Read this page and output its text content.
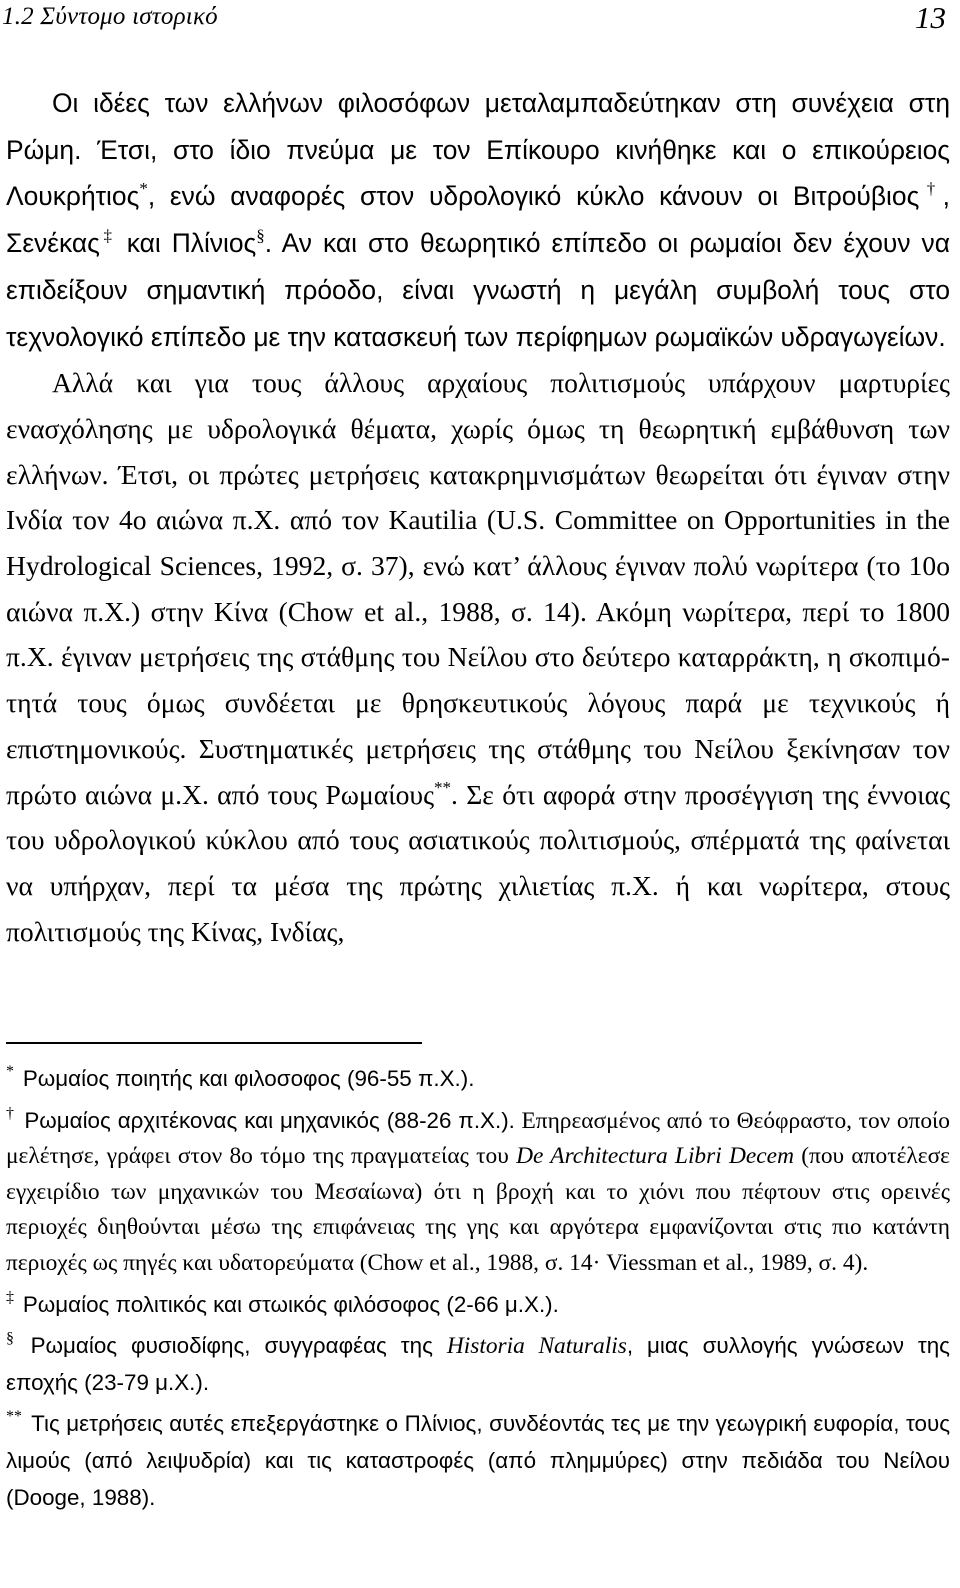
1.2 Σύντομο ιστορικό	13

Οι ιδέες των ελλήνων φιλοσόφων μεταλαμπαδεύτηκαν στη συνέχεια στη Ρώμη. Έτσι, στο ίδιο πνεύμα με τον Επίκουρο κινήθηκε και ο επικούρειος Λουκρήτιος*, ενώ αναφορές στον υδρολογικό κύκλο κάνουν οι Βιτρούβιος†, Σενέκας‡ και Πλίνιος§. Αν και στο θεωρητικό επίπεδο οι ρωμαίοι δεν έχουν να επιδείξουν σημαντική πρόοδο, είναι γνωστή η μεγάλη συμβολή τους στο τεχνολογικό επίπεδο με την κατασκευή των περίφημων ρωμαϊκών υδραγωγείων.

Αλλά και για τους άλλους αρχαίους πολιτισμούς υπάρχουν μαρτυρίες ενασχόλησης με υδρολογικά θέματα, χωρίς όμως τη θεωρητική εμβάθυνση των ελλήνων. Έτσι, οι πρώτες μετρήσεις κατακρημνισμάτων θεωρείται ότι έγιναν στην Ινδία τον 4ο αιώνα π.Χ. από τον Kautilia (U.S. Committee on Opportunities in the Hydrological Sciences, 1992, σ. 37), ενώ κατ’ άλλους έγιναν πολύ νωρίτερα (το 10ο αιώνα π.Χ.) στην Κίνα (Chow et al., 1988, σ. 14). Ακόμη νωρίτερα, περί το 1800 π.Χ. έγιναν μετρήσεις της στάθμης του Νείλου στο δεύτερο καταρράκτη, η σκοπιμότητά τους όμως συνδέεται με θρησκευτικούς λόγους παρά με τεχνικούς ή επιστημονικούς. Συστηματικές μετρήσεις της στάθμης του Νείλου ξεκίνησαν τον πρώτο αιώνα μ.Χ. από τους Ρωμαίους**. Σε ότι αφορά στην προσέγγιση της έννοιας του υδρολογικού κύκλου από τους ασιατικούς πολιτισμούς, σπέρματά της φαίνεται να υπήρχαν, περί τα μέσα της πρώτης χιλιετίας π.Χ. ή και νωρίτερα, στους πολιτισμούς της Κίνας, Ινδίας,

* Ρωμαίος ποιητής και φιλοσοφος (96-55 π.Χ.).

† Ρωμαίος αρχιτέκονας και μηχανικός (88-26 π.Χ.). Επηρεασμένος από το Θεόφραστο, τον οποίο μελέτησε, γράφει στον 8ο τόμο της πραγματείας του De Architectura Libri Decem (που αποτέλεσε εγχειρίδιο των μηχανικών του Μεσαίωνα) ότι η βροχή και το χιόνι που πέφτουν στις ορεινές περιοχές διηθούνται μέσω της επιφάνειας της γης και αργότερα εμφανίζονται στις πιο κατάντη περιοχές ως πηγές και υδατορεύματα (Chow et al., 1988, σ. 14· Viessman et al., 1989, σ. 4).

‡ Ρωμαίος πολιτικός και στωικός φιλόσοφος (2-66 μ.Χ.).

§ Ρωμαίος φυσιοδίφης, συγγραφέας της Historia Naturalis, μιας συλλογής γνώσεων της εποχής (23-79 μ.Χ.).

** Τις μετρήσεις αυτές επεξεργάστηκε ο Πλίνιος, συνδέοντάς τες με την γεωγρική ευφορία, τους λιμούς (από λειψυδρία) και τις καταστροφές (από πλημμύρες) στην πεδιάδα του Νείλου (Dooge, 1988).
